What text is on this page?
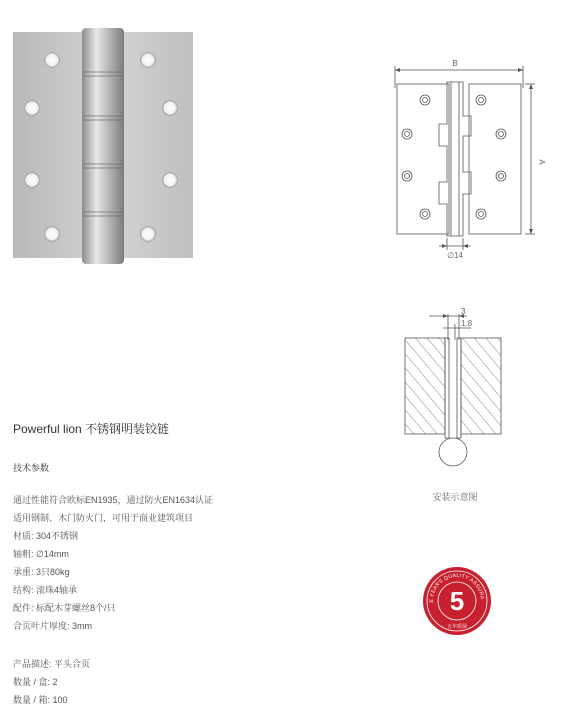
B
A
∅14
3
1.8
安装示意图
Powerful lion 不锈钢明装铰链
技术参数
通过性能符合欧标EN1935，通过防火EN1634认证
适用钢制、木门防火门，可用于商业建筑项目
材质: 304不锈钢
轴粗: ∅14mm
承重: 3只80kg
结构: 滚珠4轴承
配件: 标配木芽螺丝8个/只
合页叶片厚度: 3mm
产品描述: 平头合页
数量 / 盒: 2
数量 / 箱: 100
E YEARS QUALITY ASSURA
5
五年质保
